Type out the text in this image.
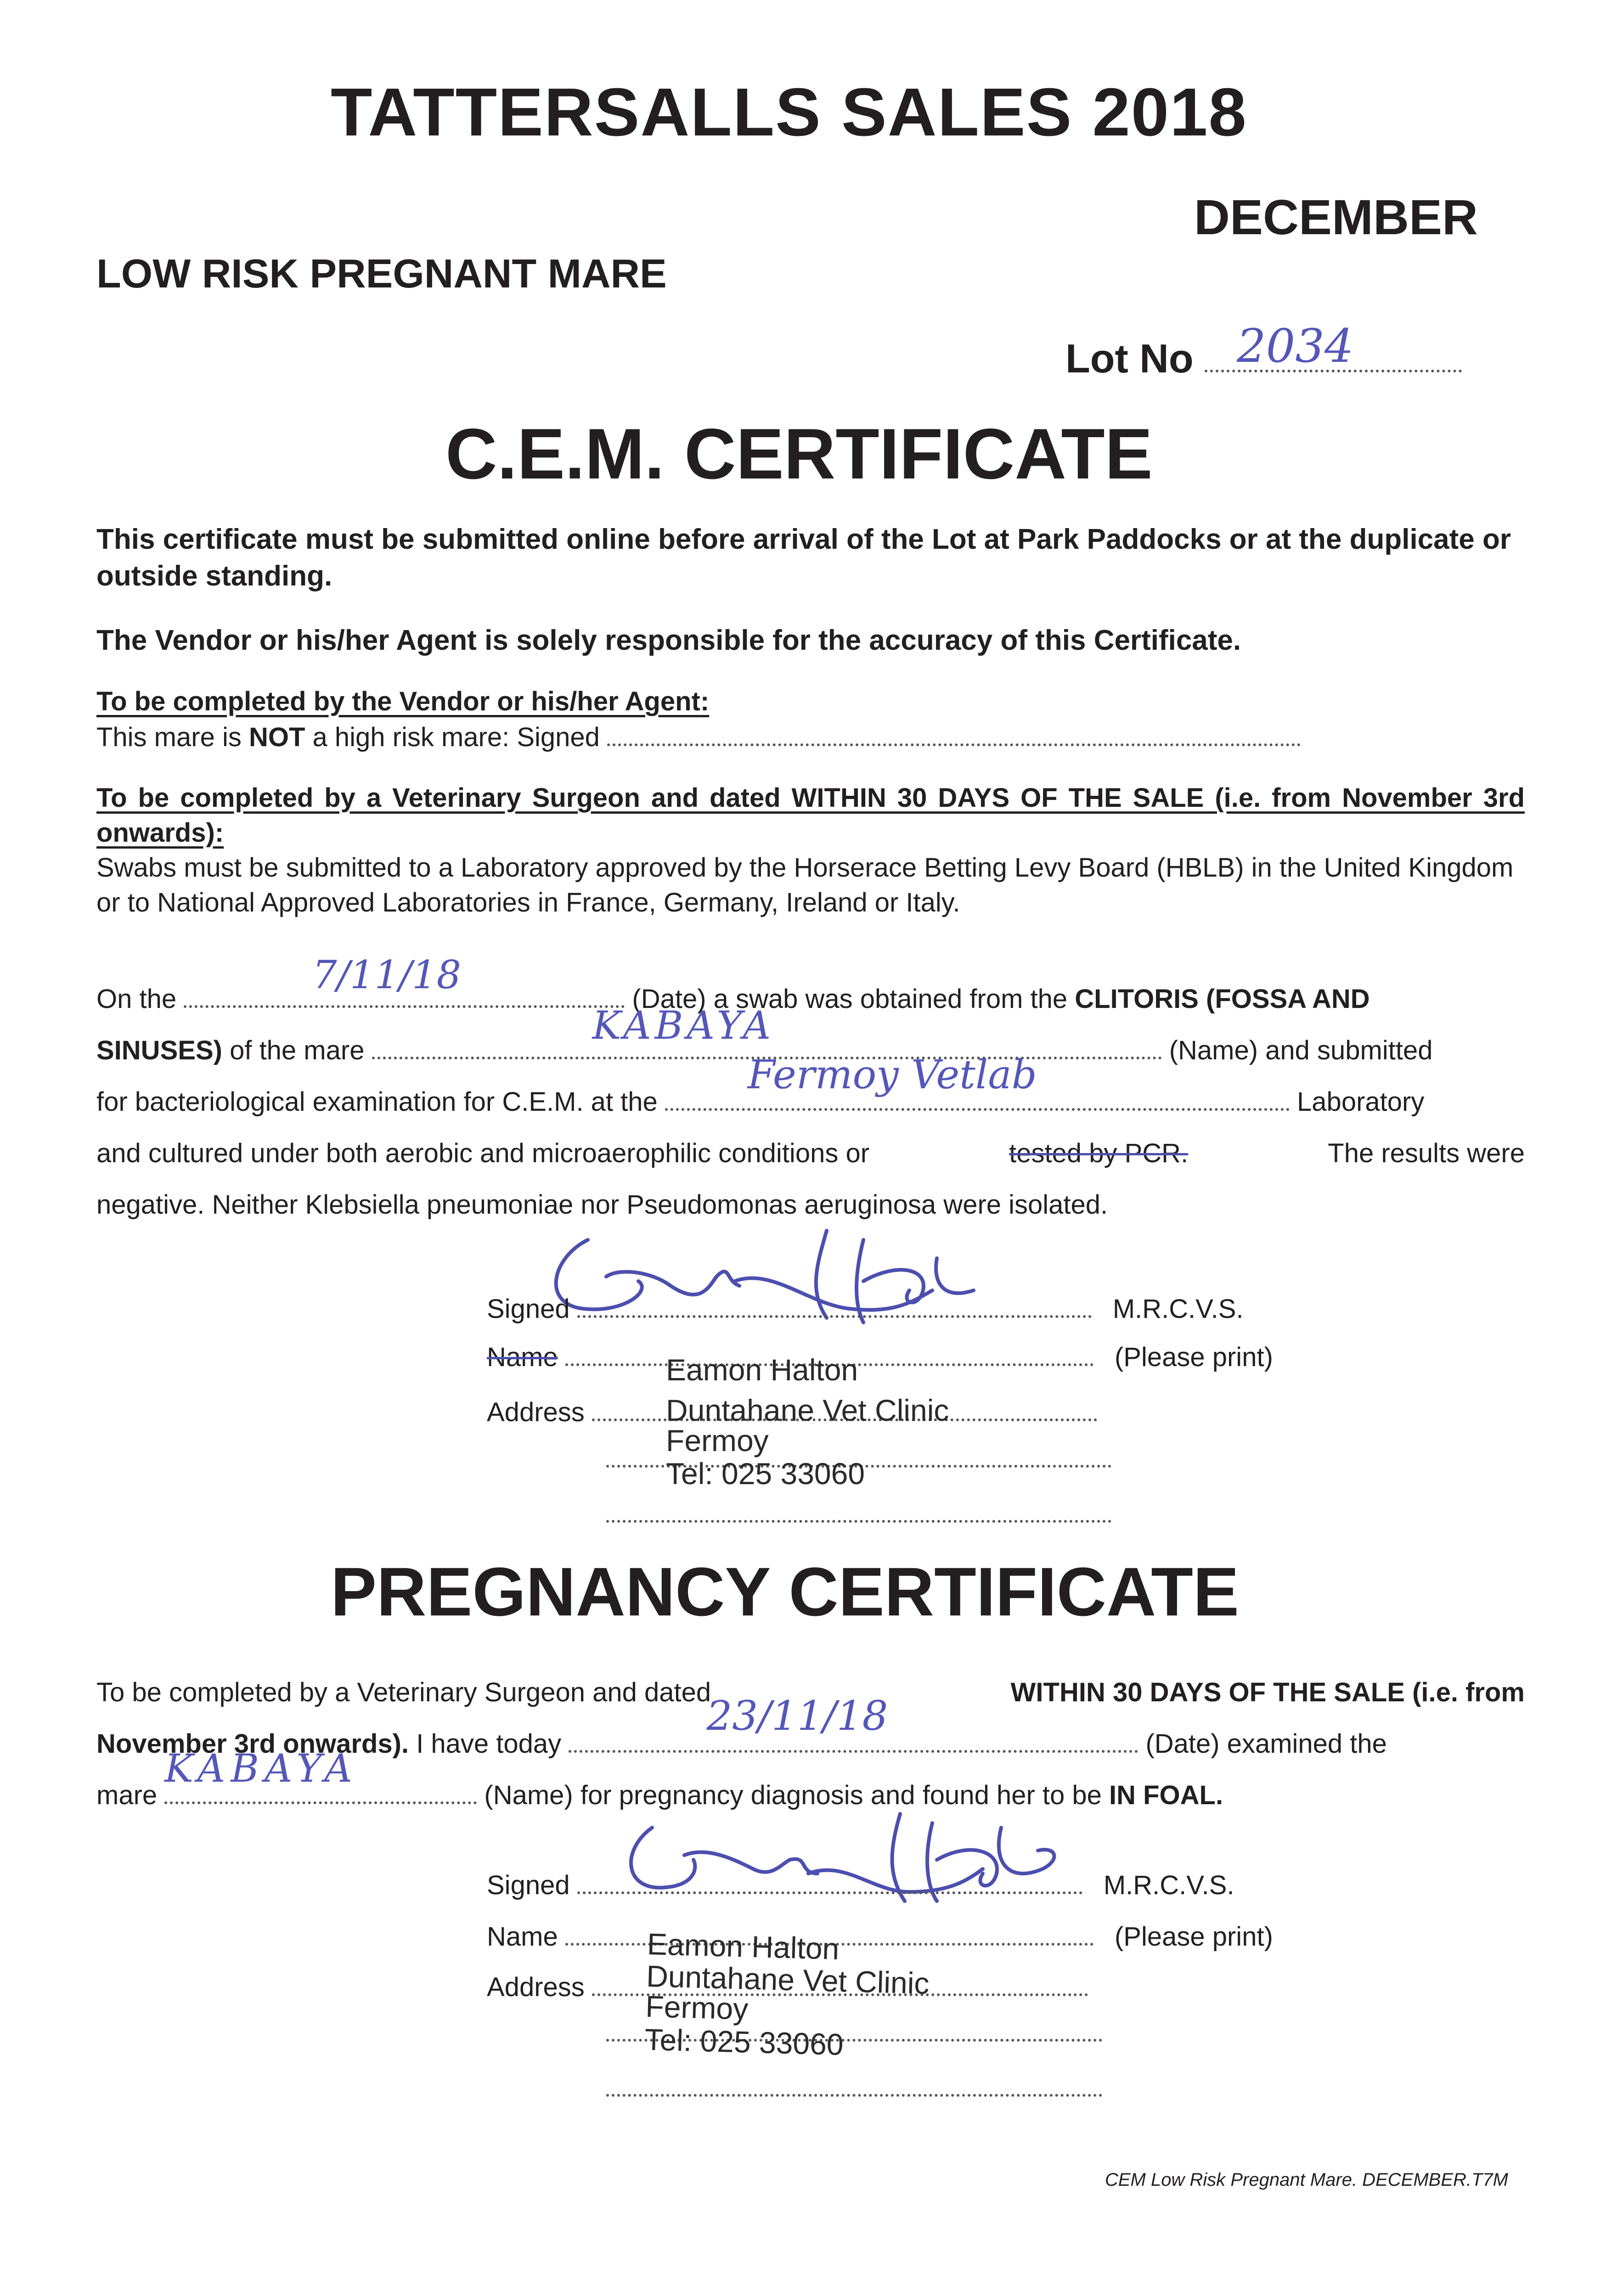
TATTERSALLS SALES 2018
DECEMBER
LOW RISK PREGNANT MARE
Lot No 2034
C.E.M. CERTIFICATE
This certificate must be submitted online before arrival of the Lot at Park Paddocks or at the duplicate or outside standing.
The Vendor or his/her Agent is solely responsible for the accuracy of this Certificate.
To be completed by the Vendor or his/her Agent:
This mare is NOT a high risk mare: Signed
To be completed by a Veterinary Surgeon and dated WITHIN 30 DAYS OF THE SALE (i.e. from November 3rd onwards):
Swabs must be submitted to a Laboratory approved by the Horserace Betting Levy Board (HBLB) in the United Kingdom or to National Approved Laboratories in France, Germany, Ireland or Italy.
On the
7/11/18
(Date) a swab was obtained from the CLITORIS (FOSSA AND
SINUSES) of the mare
KABAYA
(Name) and submitted
for bacteriological examination for C.E.M. at the
Fermoy Vetlab
Laboratory
and cultured under both aerobic and microaerophilic conditions or	tested by PCR.	The results were
negative. Neither Klebsiella pneumoniae nor Pseudomonas aeruginosa were isolated.
Signed	M.R.C.V.S.
Name	(Please print)
Address
Eamon Halton
Duntahane Vet Clinic
Fermoy
Tel: 025 33060
PREGNANCY CERTIFICATE
To be completed by a Veterinary Surgeon and dated	WITHIN 30 DAYS OF THE SALE (i.e. from
November 3rd onwards). I have today
23/11/18
(Date) examined the
mare
KABAYA
(Name) for pregnancy diagnosis and found her to be IN FOAL.
Signed	M.R.C.V.S.
Name	(Please print)
Address
Eamon Halton
Duntahane Vet Clinic
Fermoy
Tel: 025 33060
CEM Low Risk Pregnant Mare. DECEMBER.T7M
